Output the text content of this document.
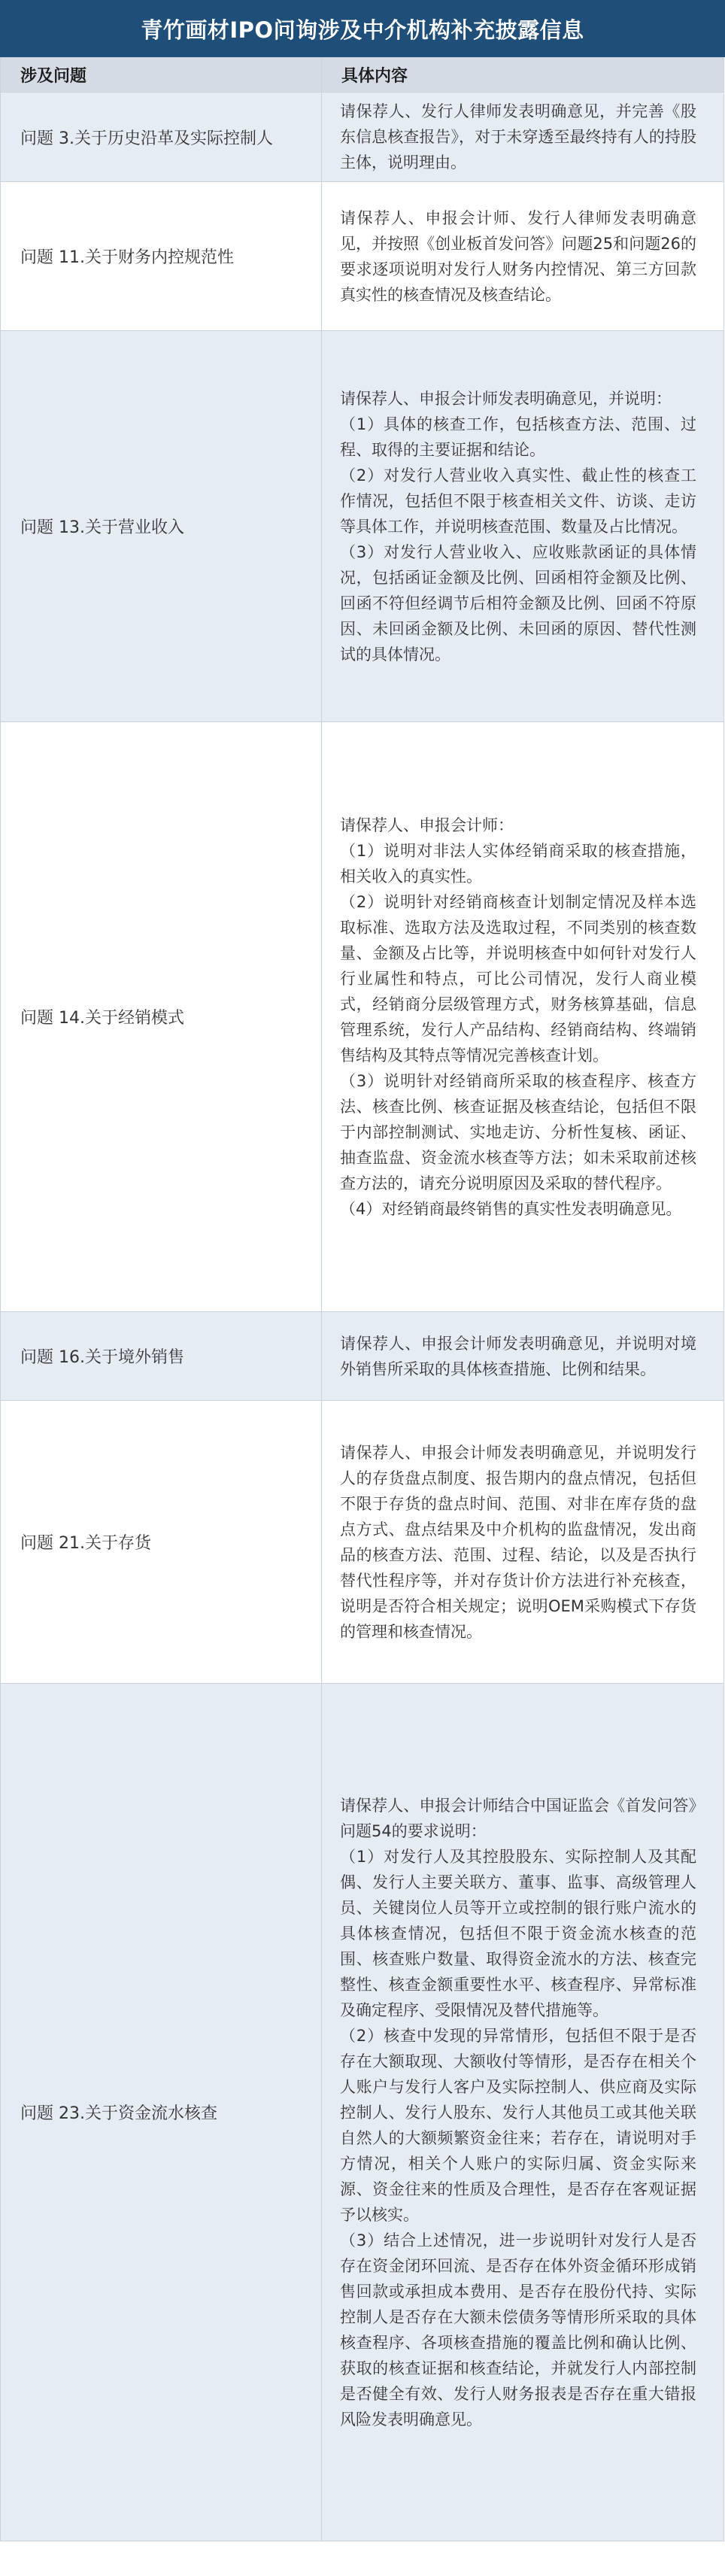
青竹画材IPO问询涉及中介机构补充披露信息
涉及问题	具体内容
问题 3.关于历史沿革及实际控制人	请保荐人、发行人律师发表明确意见，并完善《股东信息核查报告》，对于未穿透至最终持有人的持股主体，说明理由。

问题 11.关于财务内控规范性	请保荐人、申报会计师、发行人律师发表明确意见，并按照《创业板首发问答》问题25和问题26的要求逐项说明对发行人财务内控情况、第三方回款真实性的核查情况及核查结论。

问题 13.关于营业收入	请保荐人、申报会计师发表明确意见，并说明：
（1）具体的核查工作，包括核查方法、范围、过程、取得的主要证据和结论。
（2）对发行人营业收入真实性、截止性的核查工作情况，包括但不限于核查相关文件、访谈、走访等具体工作，并说明核查范围、数量及占比情况。
（3）对发行人营业收入、应收账款函证的具体情况，包括函证金额及比例、回函相符金额及比例、回函不符但经调节后相符金额及比例、回函不符原因、未回函金额及比例、未回函的原因、替代性测试的具体情况。

问题 14.关于经销模式	请保荐人、申报会计师：
（1）说明对非法人实体经销商采取的核查措施，相关收入的真实性。
（2）说明针对经销商核查计划制定情况及样本选取标准、选取方法及选取过程，不同类别的核查数量、金额及占比等，并说明核查中如何针对发行人行业属性和特点，可比公司情况，发行人商业模式，经销商分层级管理方式，财务核算基础，信息管理系统，发行人产品结构、经销商结构、终端销售结构及其特点等情况完善核查计划。
（3）说明针对经销商所采取的核查程序、核查方法、核查比例、核查证据及核查结论，包括但不限于内部控制测试、实地走访、分析性复核、函证、抽查监盘、资金流水核查等方法；如未采取前述核查方法的，请充分说明原因及采取的替代程序。
（4）对经销商最终销售的真实性发表明确意见。

问题 16.关于境外销售	请保荐人、申报会计师发表明确意见，并说明对境外销售所采取的具体核查措施、比例和结果。

问题 21.关于存货	请保荐人、申报会计师发表明确意见，并说明发行人的存货盘点制度、报告期内的盘点情况，包括但不限于存货的盘点时间、范围、对非在库存货的盘点方式、盘点结果及中介机构的监盘情况，发出商品的核查方法、范围、过程、结论，以及是否执行替代性程序等，并对存货计价方法进行补充核查，说明是否符合相关规定；说明OEM采购模式下存货的管理和核查情况。

问题 23.关于资金流水核查	请保荐人、申报会计师结合中国证监会《首发问答》问题54的要求说明：
（1）对发行人及其控股股东、实际控制人及其配偶、发行人主要关联方、董事、监事、高级管理人员、关键岗位人员等开立或控制的银行账户流水的具体核查情况，包括但不限于资金流水核查的范围、核查账户数量、取得资金流水的方法、核查完整性、核查金额重要性水平、核查程序、异常标准及确定程序、受限情况及替代措施等。
（2）核查中发现的异常情形，包括但不限于是否存在大额取现、大额收付等情形，是否存在相关个人账户与发行人客户及实际控制人、供应商及实际控制人、发行人股东、发行人其他员工或其他关联自然人的大额频繁资金往来；若存在，请说明对手方情况，相关个人账户的实际归属、资金实际来源、资金往来的性质及合理性，是否存在客观证据予以核实。
（3）结合上述情况，进一步说明针对发行人是否存在资金闭环回流、是否存在体外资金循环形成销售回款或承担成本费用、是否存在股份代持、实际控制人是否存在大额未偿债务等情形所采取的具体核查程序、各项核查措施的覆盖比例和确认比例、获取的核查证据和核查结论，并就发行人内部控制是否健全有效、发行人财务报表是否存在重大错报风险发表明确意见。
